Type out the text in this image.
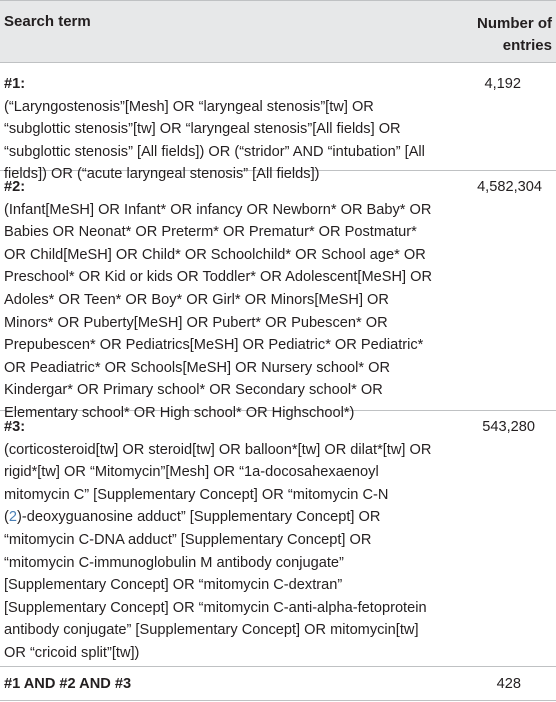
Search term	Number of
entries
#1:
(“Laryngostenosis”[Mesh] OR “laryngeal stenosis”[tw] OR
“subglottic stenosis”[tw] OR “laryngeal stenosis”[All fields] OR
“subglottic stenosis” [All fields]) OR (“stridor” AND “intubation” [All
fields]) OR (“acute laryngeal stenosis” [All fields])
4,192
#2:
(Infant[MeSH] OR Infant* OR infancy OR Newborn* OR Baby* OR
Babies OR Neonat* OR Preterm* OR Prematur* OR Postmatur*
OR Child[MeSH] OR Child* OR Schoolchild* OR School age* OR
Preschool* OR Kid or kids OR Toddler* OR Adolescent[MeSH] OR
Adoles* OR Teen* OR Boy* OR Girl* OR Minors[MeSH] OR
Minors* OR Puberty[MeSH] OR Pubert* OR Pubescen* OR
Prepubescen* OR Pediatrics[MeSH] OR Pediatric* OR Pediatric*
OR Peadiatric* OR Schools[MeSH] OR Nursery school* OR
Kindergar* OR Primary school* OR Secondary school* OR
Elementary school* OR High school* OR Highschool*)
4,582,304
#3:
(corticosteroid[tw] OR steroid[tw] OR balloon*[tw] OR dilat*[tw] OR
rigid*[tw] OR “Mitomycin”[Mesh] OR “1a-docosahexaenoyl
mitomycin C” [Supplementary Concept] OR “mitomycin C-N
(2)-deoxyguanosine adduct” [Supplementary Concept] OR
“mitomycin C-DNA adduct” [Supplementary Concept] OR
“mitomycin C-immunoglobulin M antibody conjugate”
[Supplementary Concept] OR “mitomycin C-dextran”
[Supplementary Concept] OR “mitomycin C-anti-alpha-fetoprotein
antibody conjugate” [Supplementary Concept] OR mitomycin[tw]
OR “cricoid split”[tw])
543,280
#1 AND #2 AND #3	428
